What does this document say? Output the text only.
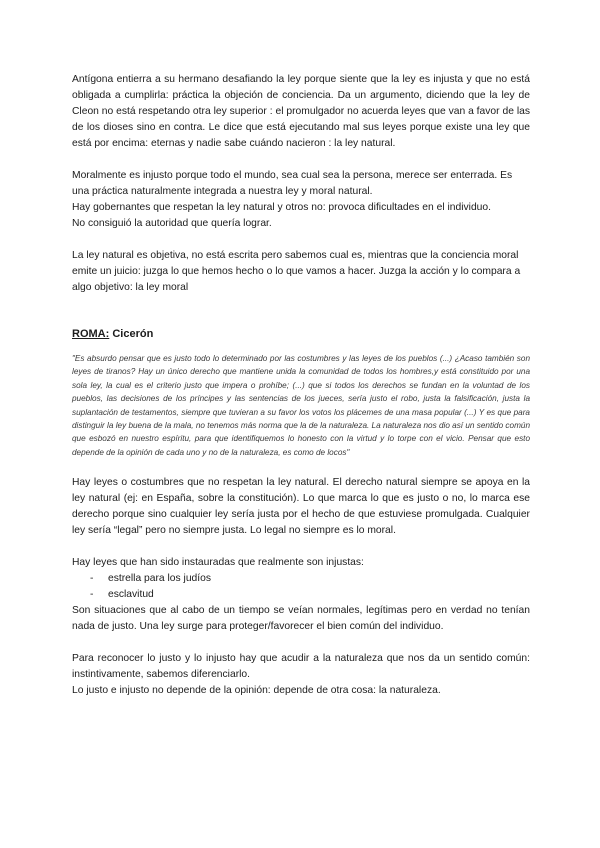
Antígona entierra a su hermano desafiando la ley porque siente que la ley es injusta y que no está obligada a cumplirla: práctica la objeción de conciencia. Da un argumento, diciendo que la ley de Cleon no está respetando otra ley superior : el promulgador no acuerda leyes que van a favor de las de los dioses sino en contra. Le dice que está ejecutando mal sus leyes porque existe una ley que está por encima: eternas y nadie sabe cuándo nacieron : la ley natural.

Moralmente es injusto porque todo el mundo, sea cual sea la persona, merece ser enterrada. Es una práctica naturalmente integrada a nuestra ley y moral natural.

Hay gobernantes que respetan la ley natural y otros no: provoca dificultades en el individuo.

No consiguió la autoridad que quería lograr.

La ley natural es objetiva, no está escrita pero sabemos cual es, mientras que la conciencia moral emite un juicio: juzga lo que hemos hecho o lo que vamos a hacer. Juzga la acción y lo compara a algo objetivo: la ley moral

ROMA: Cicerón

"Es absurdo pensar que es justo todo lo determinado por las costumbres y las leyes de los pueblos (...) ¿Acaso también son leyes de tiranos? Hay un único derecho que mantiene unida la comunidad de todos los hombres,y está constituido por una sola ley, la cual es el criterio justo que impera o prohíbe; (...) que si todos los derechos se fundan en la voluntad de los pueblos, las decisiones de los príncipes y las sentencias de los jueces, sería justo el robo, justa la falsificación, justa la suplantación de testamentos, siempre que tuvieran a su favor los votos los plácemes de una masa popular (...) Y es que para distinguir la ley buena de la mala, no tenemos más norma que la de la naturaleza. La naturaleza nos dio así un sentido común que esbozó en nuestro espíritu, para que identifiquemos lo honesto con la virtud y lo torpe con el vicio. Pensar que esto depende de la opinión de cada uno y no de la naturaleza, es como de locos"

Hay leyes o costumbres que no respetan la ley natural. El derecho natural siempre se apoya en la ley natural (ej: en España, sobre la constitución). Lo que marca lo que es justo o no, lo marca ese derecho porque sino cualquier ley sería justa por el hecho de que estuviese promulgada. Cualquier ley sería “legal” pero no siempre justa. Lo legal no siempre es lo moral.

Hay leyes que han sido instauradas que realmente son injustas:

- estrella para los judíos
- esclavitud

Son situaciones que al cabo de un tiempo se veían normales, legítimas pero en verdad no tenían nada de justo. Una ley surge para proteger/favorecer el bien común del individuo.

Para reconocer lo justo y lo injusto hay que acudir a la naturaleza que nos da un sentido común: instintivamente, sabemos diferenciarlo.

Lo justo e injusto no depende de la opinión: depende de otra cosa: la naturaleza.
